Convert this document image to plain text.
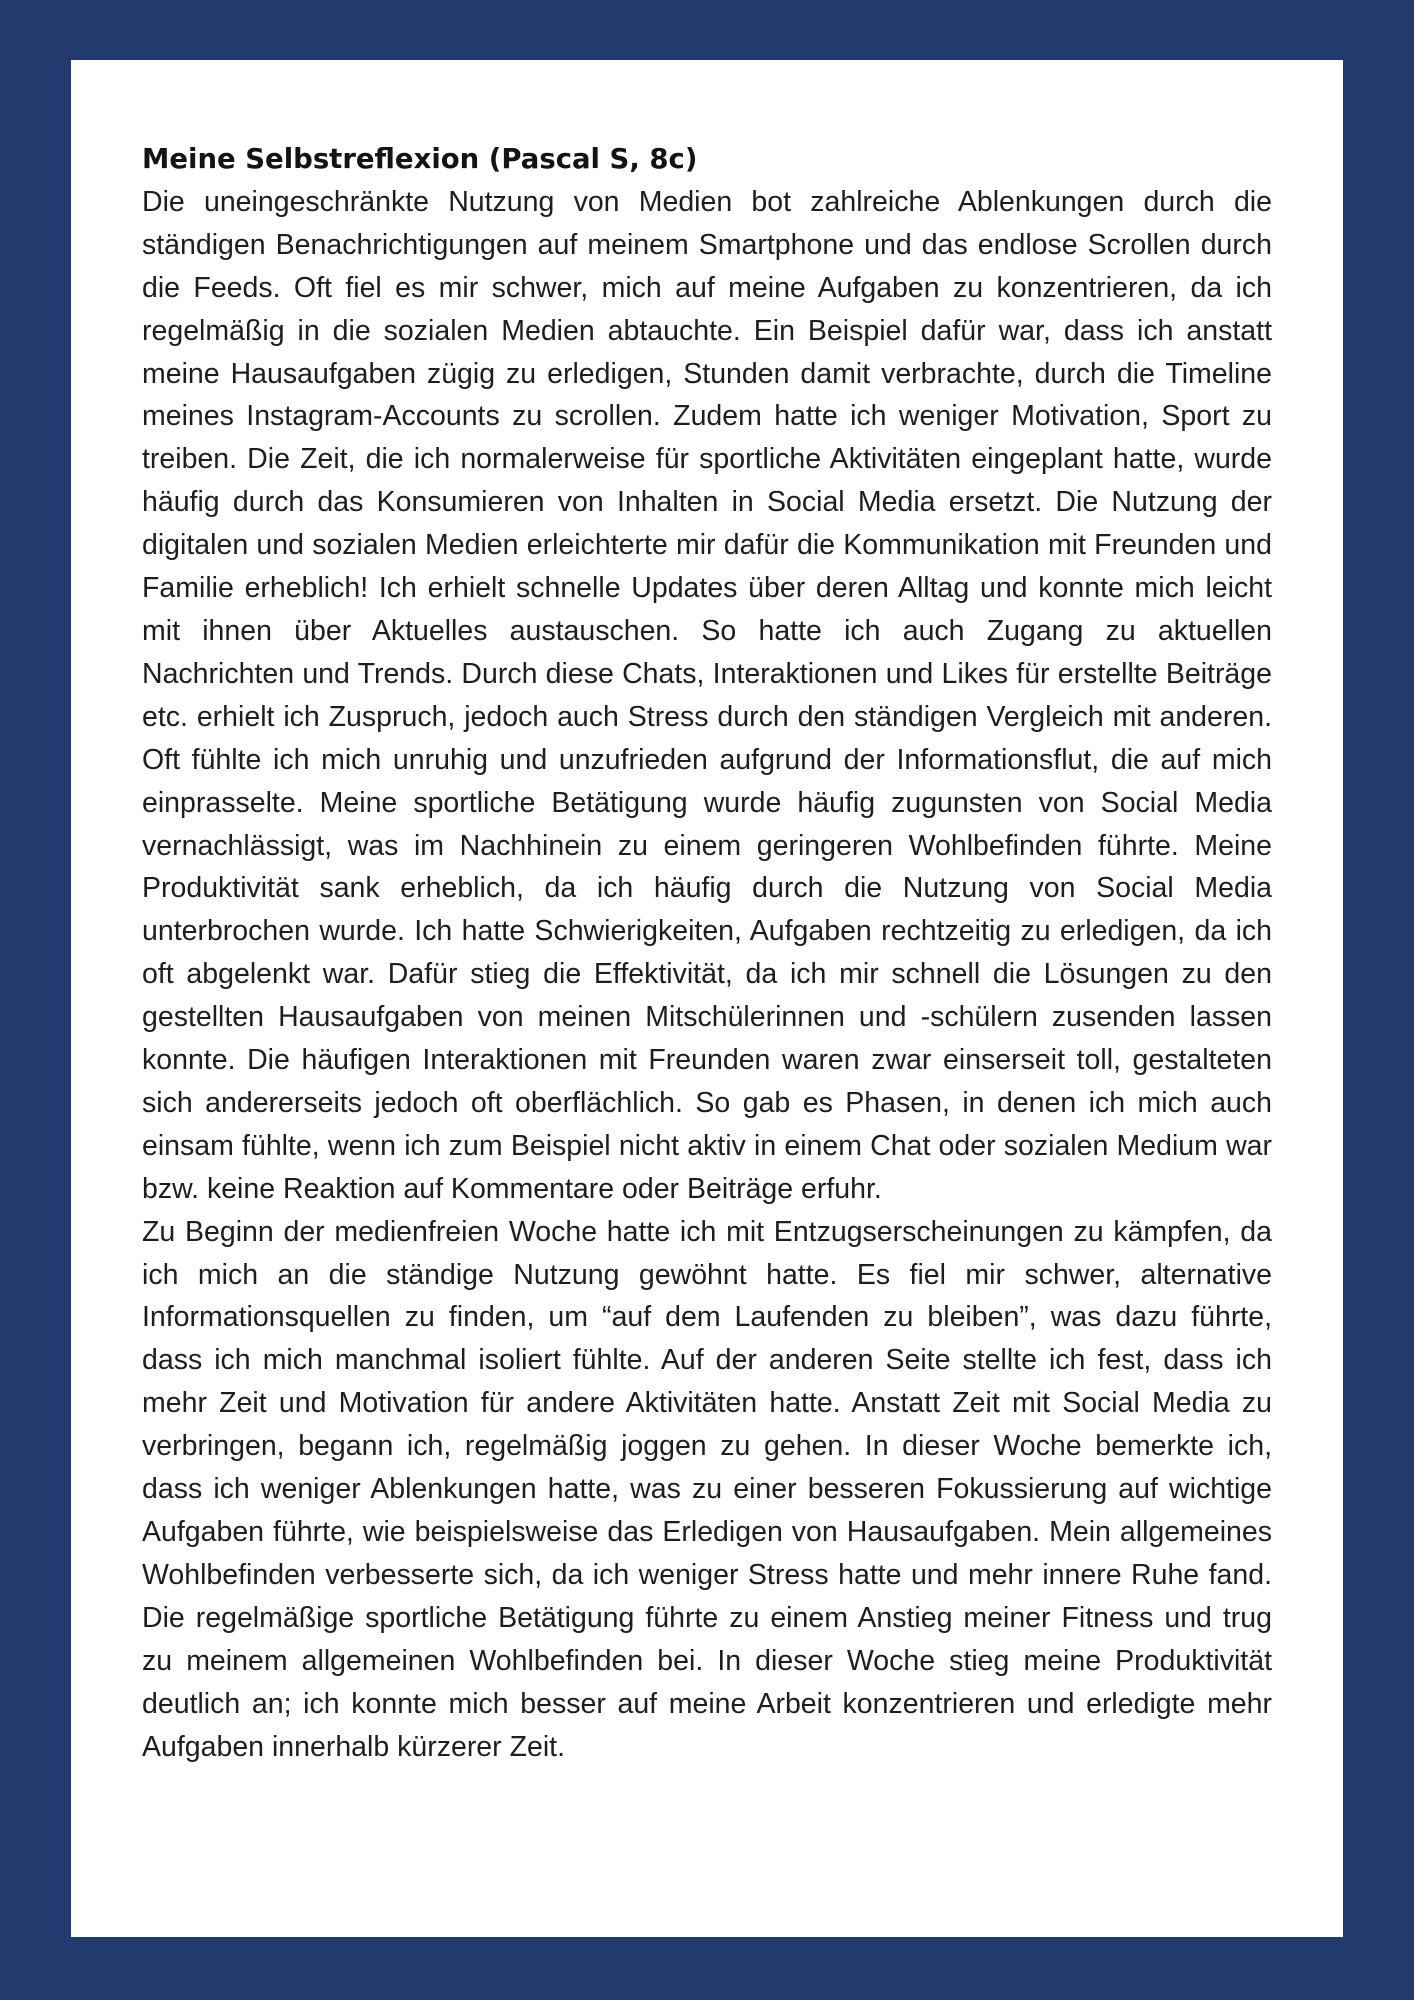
Meine Selbstreflexion (Pascal S, 8c)

Die uneingeschränkte Nutzung von Medien bot zahlreiche Ablenkungen durch die ständigen Benachrichtigungen auf meinem Smartphone und das endlose Scrollen durch die Feeds. Oft fiel es mir schwer, mich auf meine Aufgaben zu konzentrieren, da ich regelmäßig in die sozialen Medien abtauchte. Ein Beispiel dafür war, dass ich anstatt meine Hausaufgaben zügig zu erledigen, Stunden damit verbrachte, durch die Timeline meines Instagram-Accounts zu scrollen. Zudem hatte ich weniger Motivation, Sport zu treiben. Die Zeit, die ich normalerweise für sportliche Aktivitäten eingeplant hatte, wurde häufig durch das Konsumieren von Inhalten in Social Media ersetzt. Die Nutzung der digitalen und sozialen Medien erleichterte mir dafür die Kommunikation mit Freunden und Familie erheblich! Ich erhielt schnelle Updates über deren Alltag und konnte mich leicht mit ihnen über Aktuelles austauschen. So hatte ich auch Zugang zu aktuellen Nachrichten und Trends. Durch diese Chats, Interaktionen und Likes für erstellte Beiträge etc. erhielt ich Zuspruch, jedoch auch Stress durch den ständigen Vergleich mit anderen. Oft fühlte ich mich unruhig und unzufrieden aufgrund der Informationsflut, die auf mich einprasselte. Meine sportliche Betätigung wurde häufig zugunsten von Social Media vernachlässigt, was im Nachhinein zu einem geringeren Wohlbefinden führte. Meine Produktivität sank erheblich, da ich häufig durch die Nutzung von Social Media unterbrochen wurde. Ich hatte Schwierigkeiten, Aufgaben rechtzeitig zu erledigen, da ich oft abgelenkt war. Dafür stieg die Effektivität, da ich mir schnell die Lösungen zu den gestellten Hausaufgaben von meinen Mitschülerinnen und -schülern zusenden lassen konnte. Die häufigen Interaktionen mit Freunden waren zwar einserseit toll, gestalteten sich andererseits jedoch oft oberflächlich. So gab es Phasen, in denen ich mich auch einsam fühlte, wenn ich zum Beispiel nicht aktiv in einem Chat oder sozialen Medium war bzw. keine Reaktion auf Kommentare oder Beiträge erfuhr.

Zu Beginn der medienfreien Woche hatte ich mit Entzugserscheinungen zu kämpfen, da ich mich an die ständige Nutzung gewöhnt hatte. Es fiel mir schwer, alternative Informationsquellen zu finden, um “auf dem Laufenden zu bleiben”, was dazu führte, dass ich mich manchmal isoliert fühlte. Auf der anderen Seite stellte ich fest, dass ich mehr Zeit und Motivation für andere Aktivitäten hatte. Anstatt Zeit mit Social Media zu verbringen, begann ich, regelmäßig joggen zu gehen. In dieser Woche bemerkte ich, dass ich weniger Ablenkungen hatte, was zu einer besseren Fokussierung auf wichtige Aufgaben führte, wie beispielsweise das Erledigen von Hausaufgaben. Mein allgemeines Wohlbefinden verbesserte sich, da ich weniger Stress hatte und mehr innere Ruhe fand. Die regelmäßige sportliche Betätigung führte zu einem Anstieg meiner Fitness und trug zu meinem allgemeinen Wohlbefinden bei. In dieser Woche stieg meine Produktivität deutlich an; ich konnte mich besser auf meine Arbeit konzentrieren und erledigte mehr Aufgaben innerhalb kürzerer Zeit.
